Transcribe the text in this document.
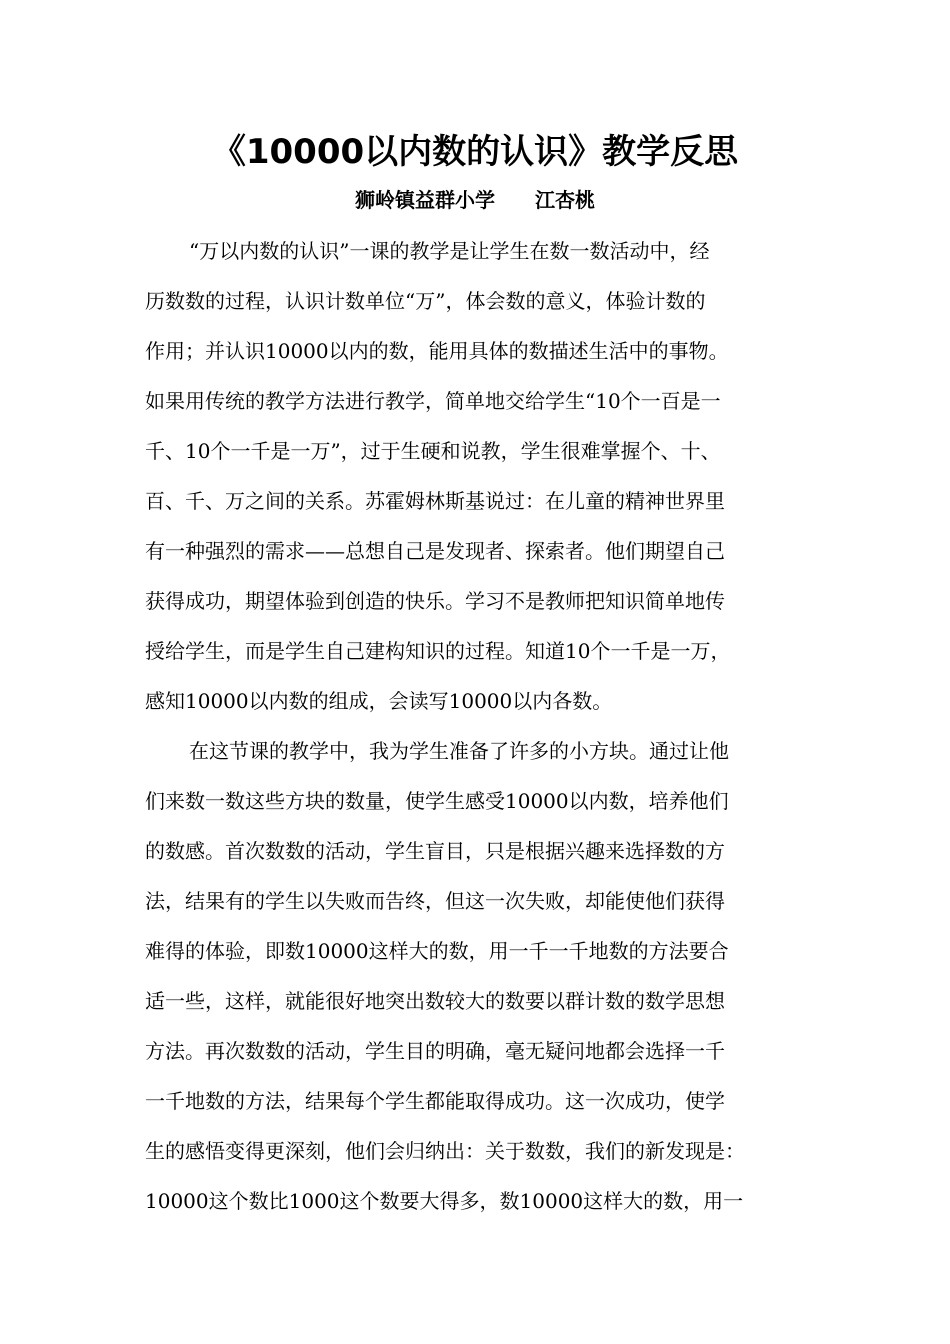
《10000以内数的认识》教学反思

狮岭镇益群小学　　江杏桃

“万以内数的认识”一课的教学是让学生在数一数活动中，经
历数数的过程，认识计数单位“万”，体会数的意义，体验计数的
作用；并认识10000以内的数，能用具体的数描述生活中的事物。
如果用传统的教学方法进行教学，简单地交给学生“10个一百是一
千、10个一千是一万”，过于生硬和说教，学生很难掌握个、十、
百、千、万之间的关系。苏霍姆林斯基说过：在儿童的精神世界里
有一种强烈的需求——总想自己是发现者、探索者。他们期望自己
获得成功，期望体验到创造的快乐。学习不是教师把知识简单地传
授给学生，而是学生自己建构知识的过程。知道10个一千是一万，
感知10000以内数的组成，会读写10000以内各数。
在这节课的教学中，我为学生准备了许多的小方块。通过让他
们来数一数这些方块的数量，使学生感受10000以内数，培养他们
的数感。首次数数的活动，学生盲目，只是根据兴趣来选择数的方
法，结果有的学生以失败而告终，但这一次失败，却能使他们获得
难得的体验，即数10000这样大的数，用一千一千地数的方法要合
适一些，这样，就能很好地突出数较大的数要以群计数的数学思想
方法。再次数数的活动，学生目的明确，毫无疑问地都会选择一千
一千地数的方法，结果每个学生都能取得成功。这一次成功，使学
生的感悟变得更深刻，他们会归纳出：关于数数，我们的新发现是：
10000这个数比1000这个数要大得多，数10000这样大的数，用一
